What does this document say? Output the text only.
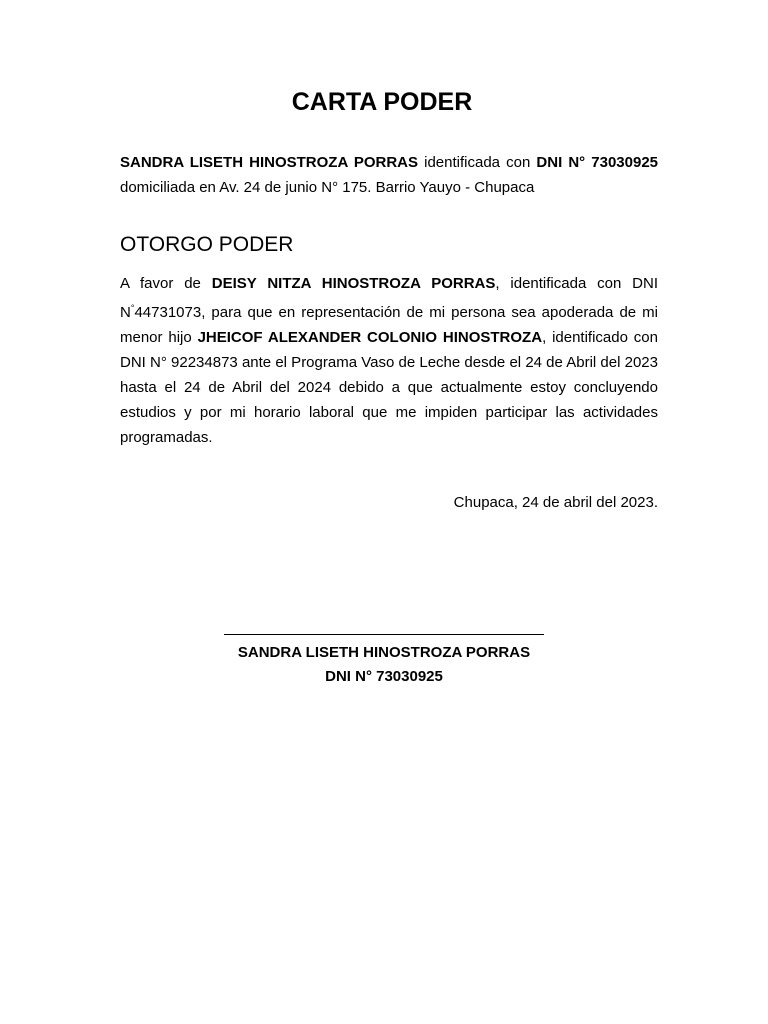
CARTA PODER

SANDRA LISETH HINOSTROZA PORRAS identificada con DNI N° 73030925 domiciliada en Av. 24 de junio N° 175. Barrio Yauyo - Chupaca

OTORGO PODER

A favor de DEISY NITZA HINOSTROZA PORRAS, identificada con DNI N°44731073, para que en representación de mi persona sea apoderada de mi menor hijo JHEICOF ALEXANDER COLONIO HINOSTROZA, identificado con DNI N° 92234873 ante el Programa Vaso de Leche desde el 24 de Abril del 2023 hasta el 24 de Abril del 2024 debido a que actualmente estoy concluyendo estudios y por mi horario laboral que me impiden participar las actividades programadas.

Chupaca, 24 de abril del 2023.

SANDRA LISETH HINOSTROZA PORRAS

DNI N° 73030925
